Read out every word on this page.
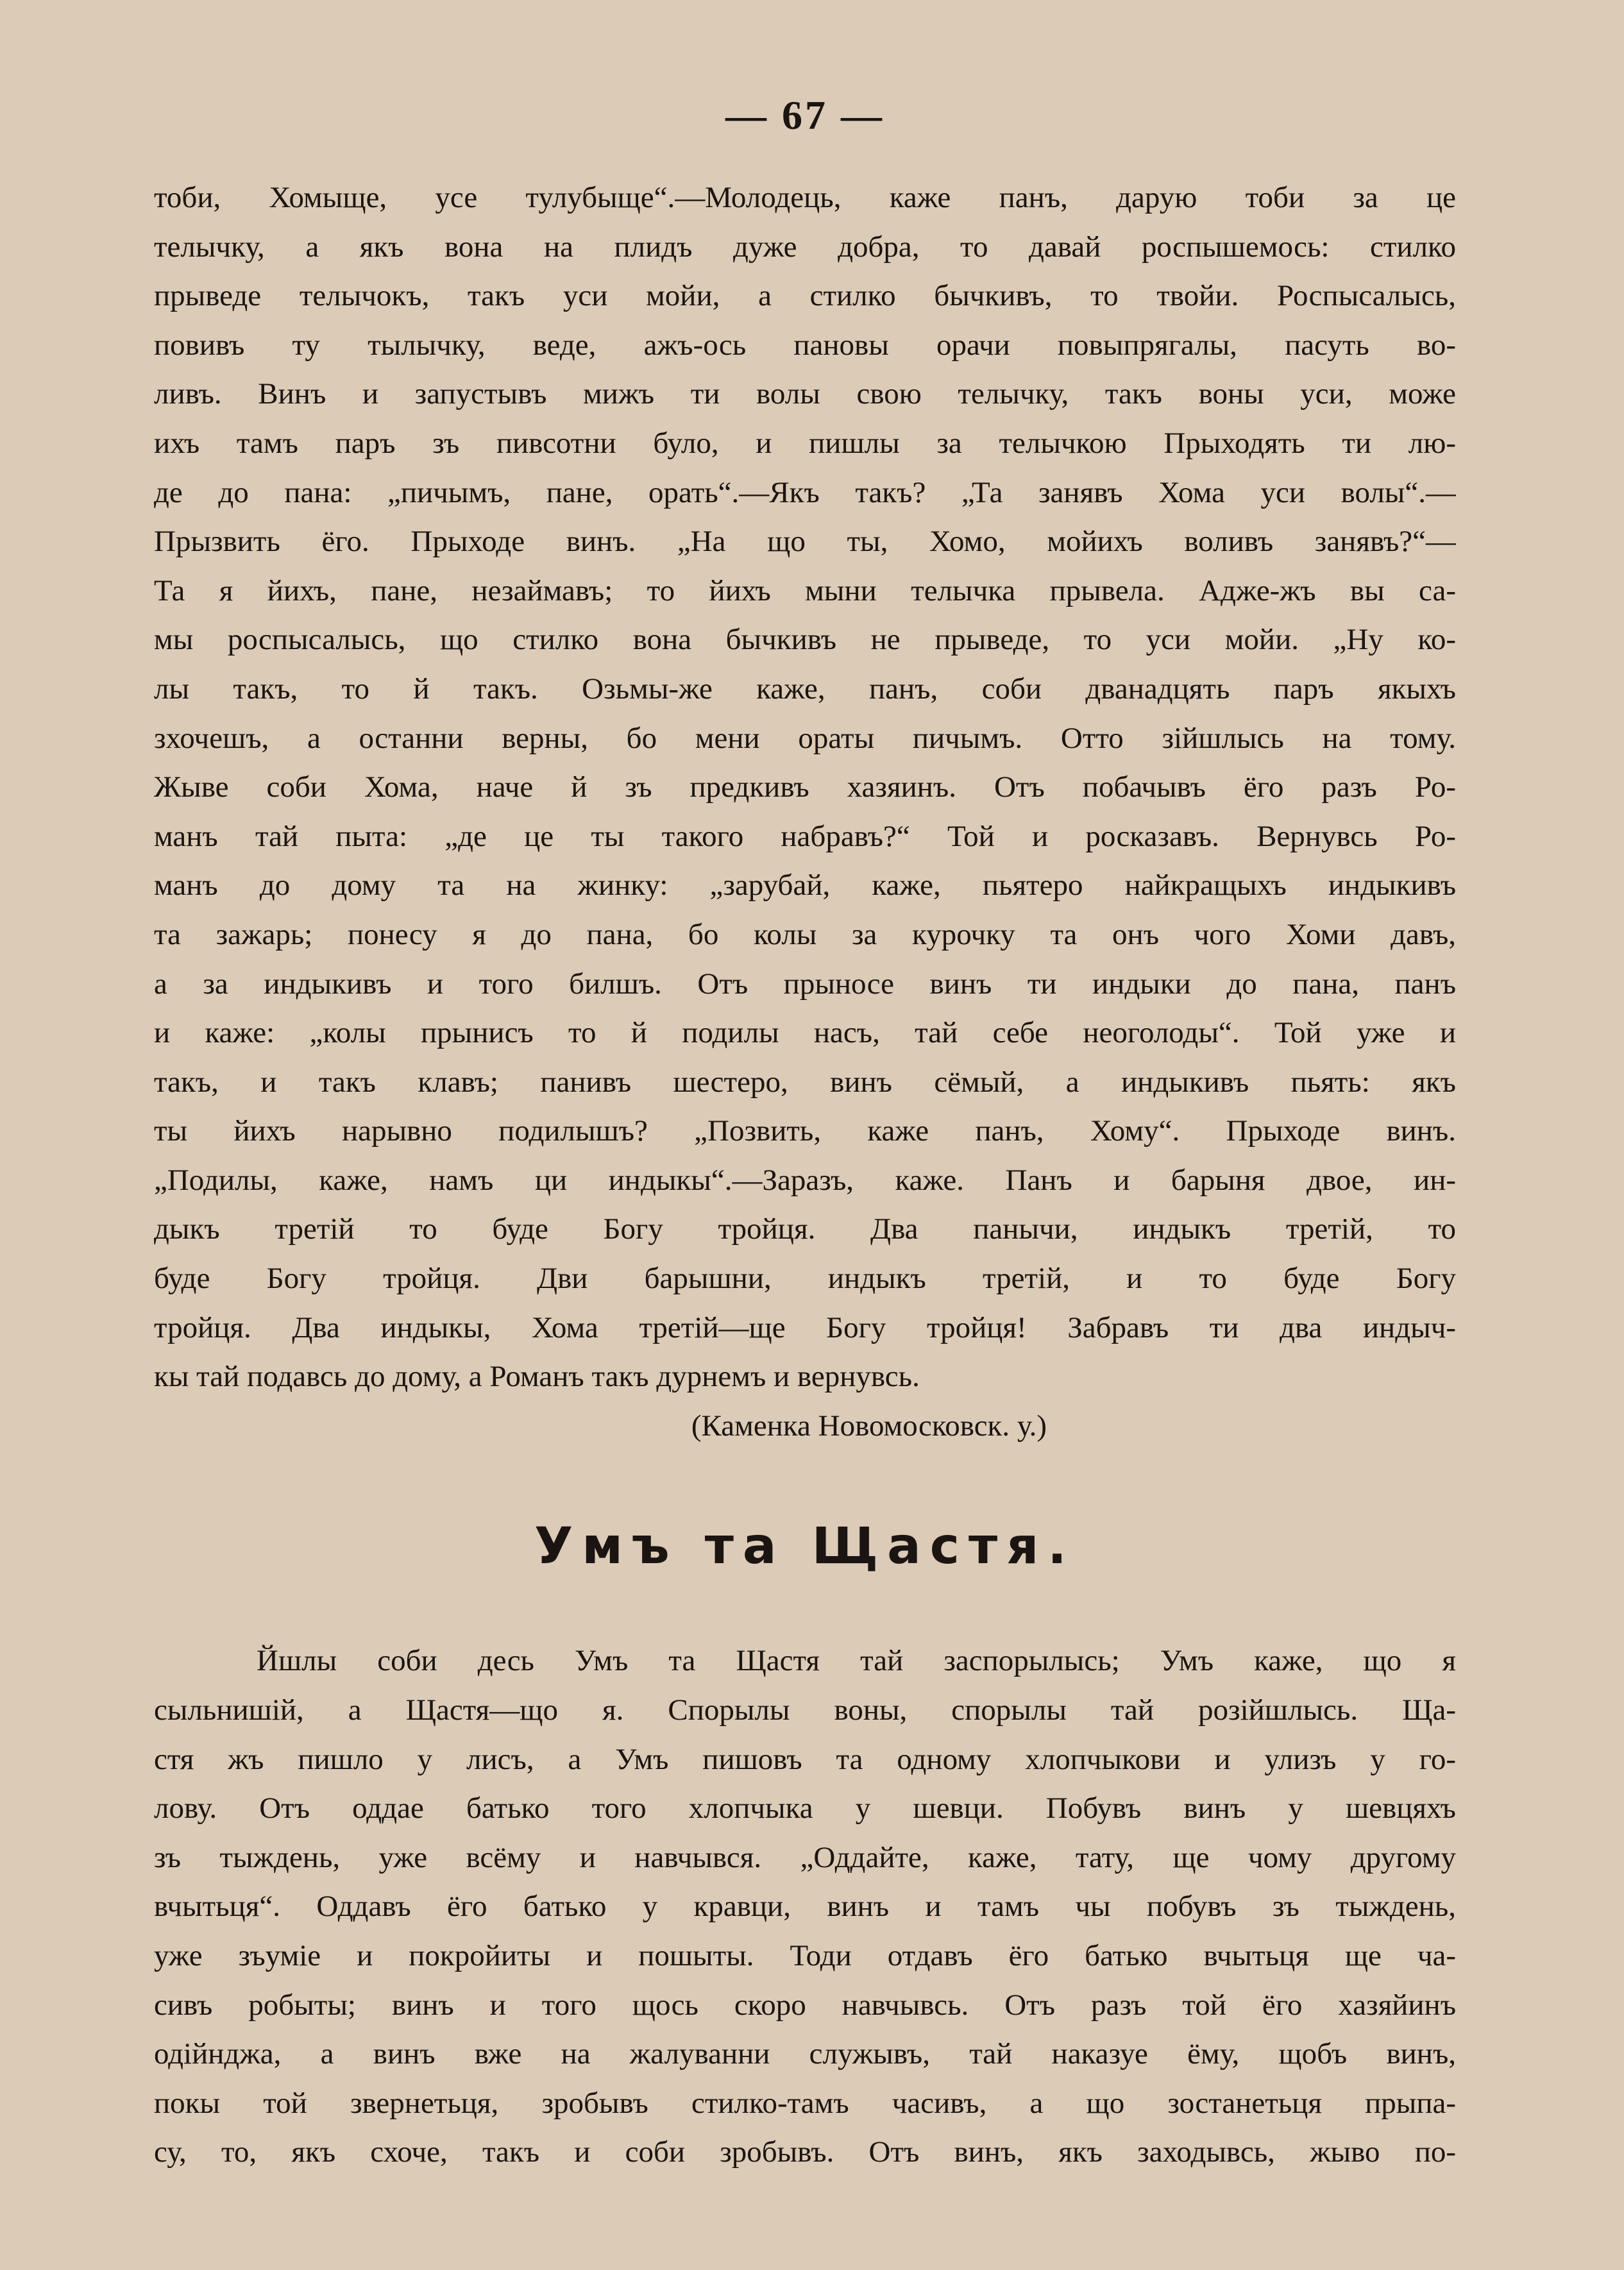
— 67 —
тоби, Хомыще, усе тулубыще“.—Молодець, каже панъ, дарую тоби за це
телычку, а якъ вона на плидъ дуже добра, то давай роспышемось: стилко
прыведе телычокъ, такъ уси мойи, а стилко бычкивъ, то твойи. Роспысалысь,
повивъ ту тылычку, веде, ажъ-ось пановы орачи повыпрягалы, пасуть во-
ливъ. Винъ и запустывъ мижъ ти волы свою телычку, такъ воны уси, може
ихъ тамъ паръ зъ пивсотни було, и пишлы за телычкою Прыходять ти лю-
де до пана: „пичымъ, пане, орать“.—Якъ такъ? „Та занявъ Хома уси волы“.—
Прызвить ёго. Прыходе винъ. „На що ты, Хомо, мойихъ воливъ занявъ?“—
Та я йихъ, пане, незаймавъ; то йихъ мыни телычка прывела. Адже-жъ вы са-
мы роспысалысь, що стилко вона бычкивъ не прыведе, то уси мойи. „Ну ко-
лы такъ, то й такъ. Озьмы-же каже, панъ, соби дванадцять паръ якыхъ
зхочешъ, а останни верны, бо мени ораты пичымъ. Отто зійшлысь на тому.
Жыве соби Хома, наче й зъ предкивъ хазяинъ. Отъ побачывъ ёго разъ Ро-
манъ тай пыта: „де це ты такого набравъ?“ Той и росказавъ. Вернувсь Ро-
манъ до дому та на жинку: „зарубай, каже, пьятеро найкращыхъ индыкивъ
та зажарь; понесу я до пана, бо колы за курочку та онъ чого Хоми давъ,
а за индыкивъ и того билшъ. Отъ прыносе винъ ти индыки до пана, панъ
и каже: „колы прынисъ то й подилы насъ, тай себе неоголоды“. Той уже и
такъ, и такъ клавъ; панивъ шестеро, винъ сёмый, а индыкивъ пьять: якъ
ты йихъ нарывно подилышъ? „Позвить, каже панъ, Хому“. Прыходе винъ.
„Подилы, каже, намъ ци индыкы“.—Заразъ, каже. Панъ и барыня двое, ин-
дыкъ третій то буде Богу тройця. Два панычи, индыкъ третій, то
буде Богу тройця. Дви барышни, индыкъ третій, и то буде Богу
тройця. Два индыкы, Хома третій—ще Богу тройця! Забравъ ти два индыч-
кы тай подавсь до дому, а Романъ такъ дурнемъ и вернувсь.
(Каменка Новомосковск. у.)
Умъ та Щастя.
Йшлы соби десь Умъ та Щастя тай заспорылысь; Умъ каже, що я
сыльнишій, а Щастя—що я. Спорылы воны, спорылы тай розійшлысь. Ща-
стя жъ пишло у лисъ, а Умъ пишовъ та одному хлопчыкови и улизъ у го-
лову. Отъ оддае батько того хлопчыка у шевци. Побувъ винъ у шевцяхъ
зъ тыждень, уже всёму и навчывся. „Оддайте, каже, тату, ще чому другому
вчытьця“. Оддавъ ёго батько у кравци, винъ и тамъ чы побувъ зъ тыждень,
уже зъуміе и покройиты и пошыты. Тоди отдавъ ёго батько вчытьця ще ча-
сивъ робыты; винъ и того щось скоро навчывсь. Отъ разъ той ёго хазяйинъ
одійнджа, а винъ вже на жалуванни служывъ, тай наказуе ёму, щобъ винъ,
покы той звернетьця, зробывъ стилко-тамъ часивъ, а що зостанетьця прыпа-
су, то, якъ схоче, такъ и соби зробывъ. Отъ винъ, якъ заходывсь, жыво по-
